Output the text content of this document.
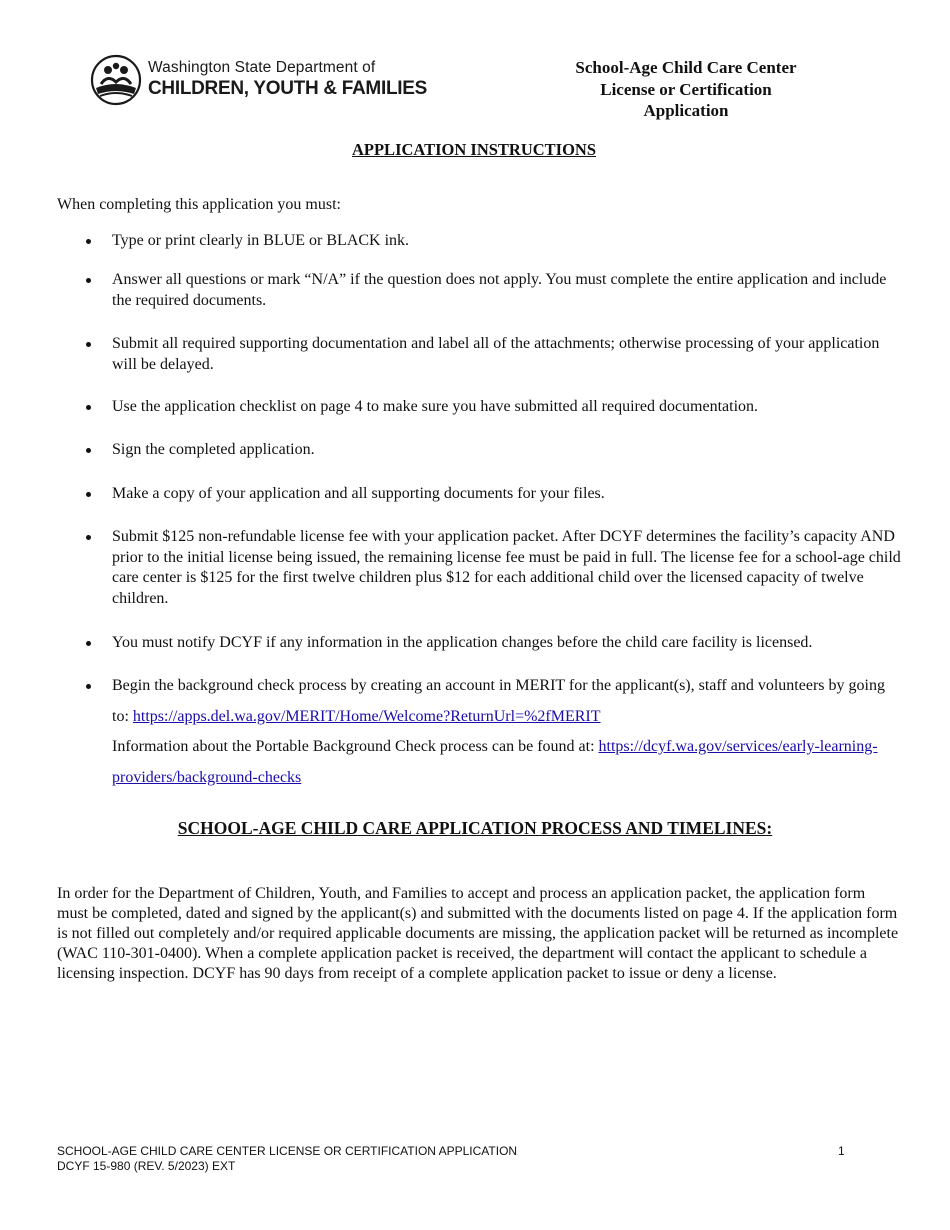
Washington State Department of
CHILDREN, YOUTH & FAMILIES
School-Age Child Care Center
License or Certification
Application
APPLICATION INSTRUCTIONS
When completing this application you must:
Type or print clearly in BLUE or BLACK ink.
Answer all questions or mark “N/A” if the question does not apply. You must complete the entire application and include the required documents.
Submit all required supporting documentation and label all of the attachments; otherwise processing of your application will be delayed.
Use the application checklist on page 4 to make sure you have submitted all required documentation.
Sign the completed application.
Make a copy of your application and all supporting documents for your files.
Submit $125 non-refundable license fee with your application packet. After DCYF determines the facility’s capacity AND prior to the initial license being issued, the remaining license fee must be paid in full. The license fee for a school-age child care center is $125 for the first twelve children plus $12 for each additional child over the licensed capacity of twelve children.
You must notify DCYF if any information in the application changes before the child care facility is licensed.
Begin the background check process by creating an account in MERIT for the applicant(s), staff and volunteers by going to: https://apps.del.wa.gov/MERIT/Home/Welcome?ReturnUrl=%2fMERIT
Information about the Portable Background Check process can be found at: https://dcyf.wa.gov/services/early-learning-providers/background-checks
SCHOOL-AGE CHILD CARE APPLICATION PROCESS AND TIMELINES:
In order for the Department of Children, Youth, and Families to accept and process an application packet, the application form must be completed, dated and signed by the applicant(s) and submitted with the documents listed on page 4. If the application form is not filled out completely and/or required applicable documents are missing, the application packet will be returned as incomplete (WAC 110-301-0400). When a complete application packet is received, the department will contact the applicant to schedule a licensing inspection. DCYF has 90 days from receipt of a complete application packet to issue or deny a license.
SCHOOL-AGE CHILD CARE CENTER LICENSE OR CERTIFICATION APPLICATION
DCYF 15-980 (REV. 5/2023) EXT
1
